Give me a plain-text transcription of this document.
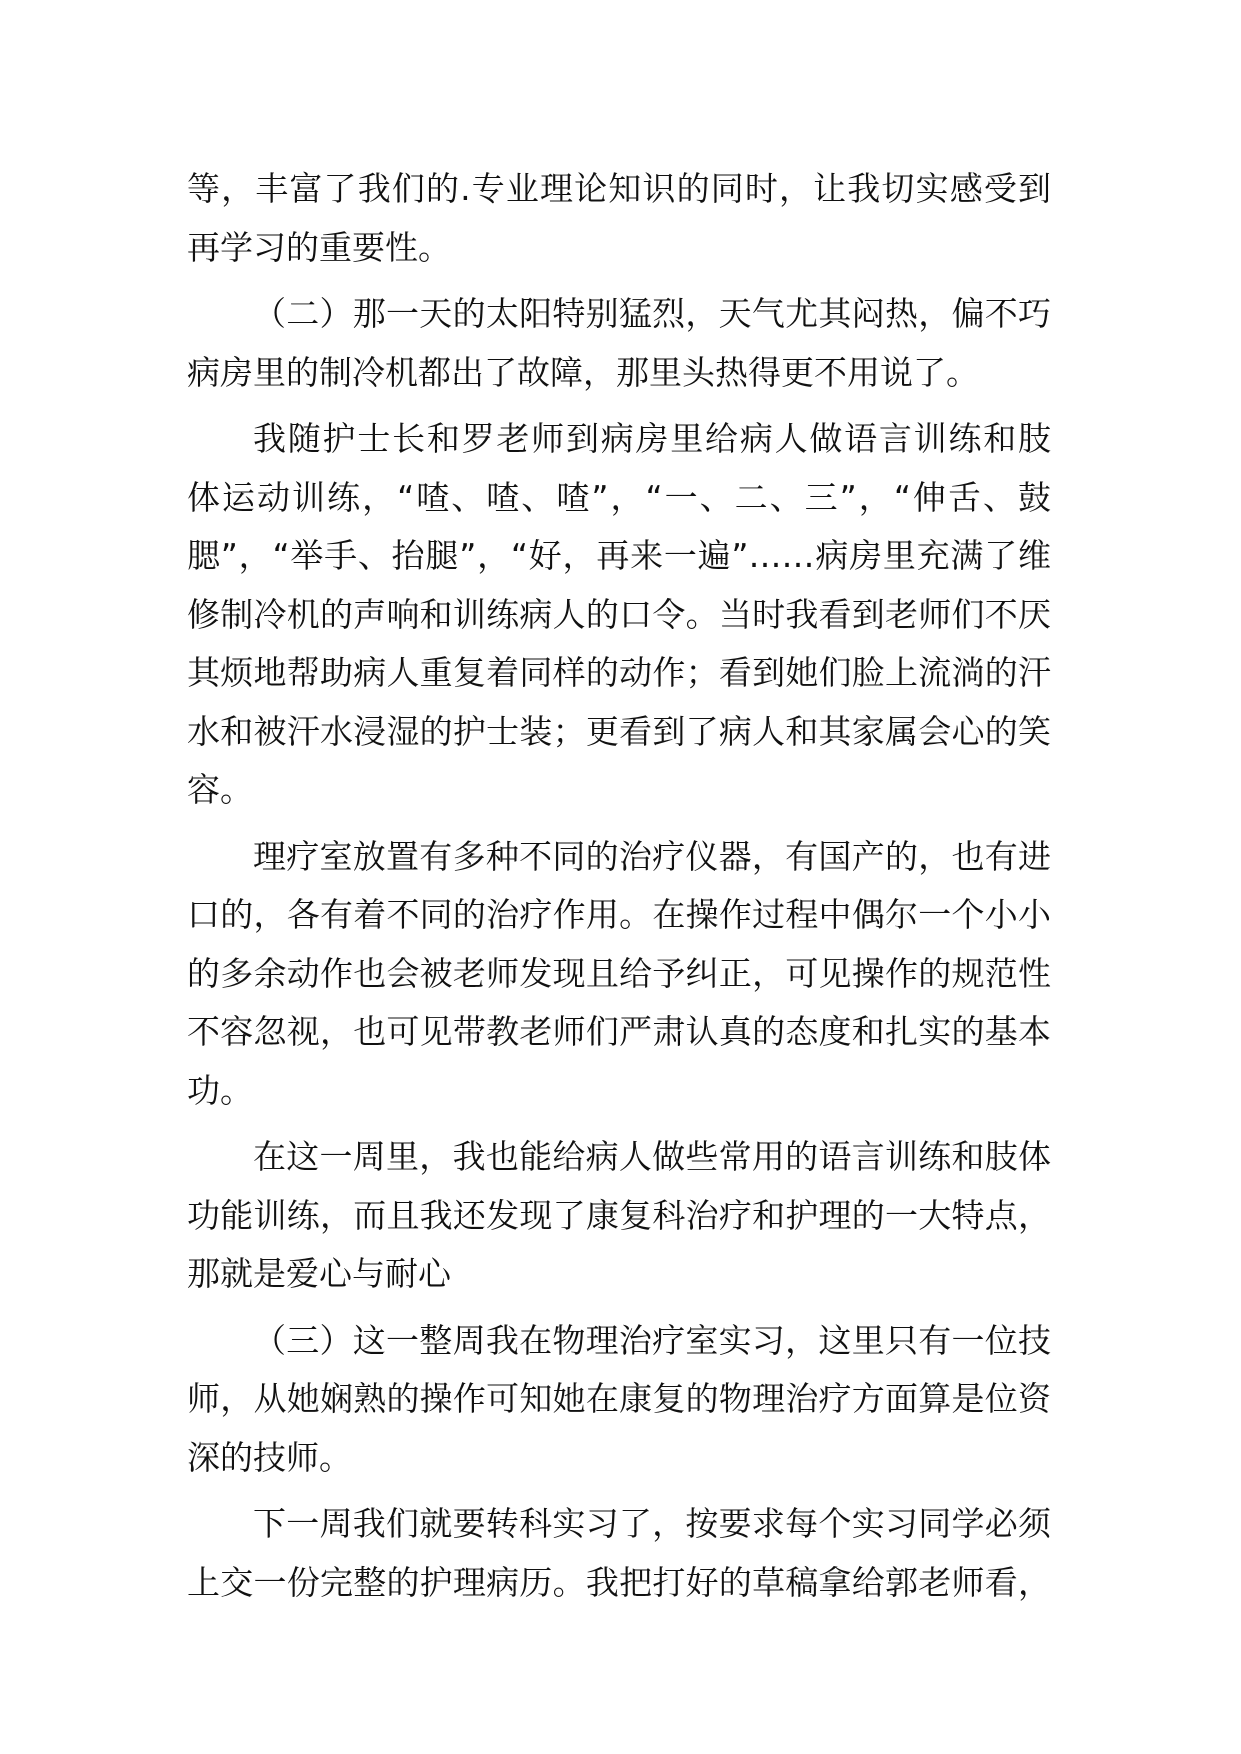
等，丰富了我们的.专业理论知识的同时，让我切实感受到
再学习的重要性。
（二）那一天的太阳特别猛烈，天气尤其闷热，偏不巧
病房里的制冷机都出了故障，那里头热得更不用说了。
我随护士长和罗老师到病房里给病人做语言训练和肢
体运动训练，“喳、喳、喳”，“一、二、三”，“伸舌、鼓
腮”，“举手、抬腿”，“好，再来一遍”……病房里充满了维
修制冷机的声响和训练病人的口令。当时我看到老师们不厌
其烦地帮助病人重复着同样的动作；看到她们脸上流淌的汗
水和被汗水浸湿的护士装；更看到了病人和其家属会心的笑
容。
理疗室放置有多种不同的治疗仪器，有国产的，也有进
口的，各有着不同的治疗作用。在操作过程中偶尔一个小小
的多余动作也会被老师发现且给予纠正，可见操作的规范性
不容忽视，也可见带教老师们严肃认真的态度和扎实的基本
功。
在这一周里，我也能给病人做些常用的语言训练和肢体
功能训练，而且我还发现了康复科治疗和护理的一大特点，
那就是爱心与耐心
（三）这一整周我在物理治疗室实习，这里只有一位技
师，从她娴熟的操作可知她在康复的物理治疗方面算是位资
深的技师。
下一周我们就要转科实习了，按要求每个实习同学必须
上交一份完整的护理病历。我把打好的草稿拿给郭老师看，
